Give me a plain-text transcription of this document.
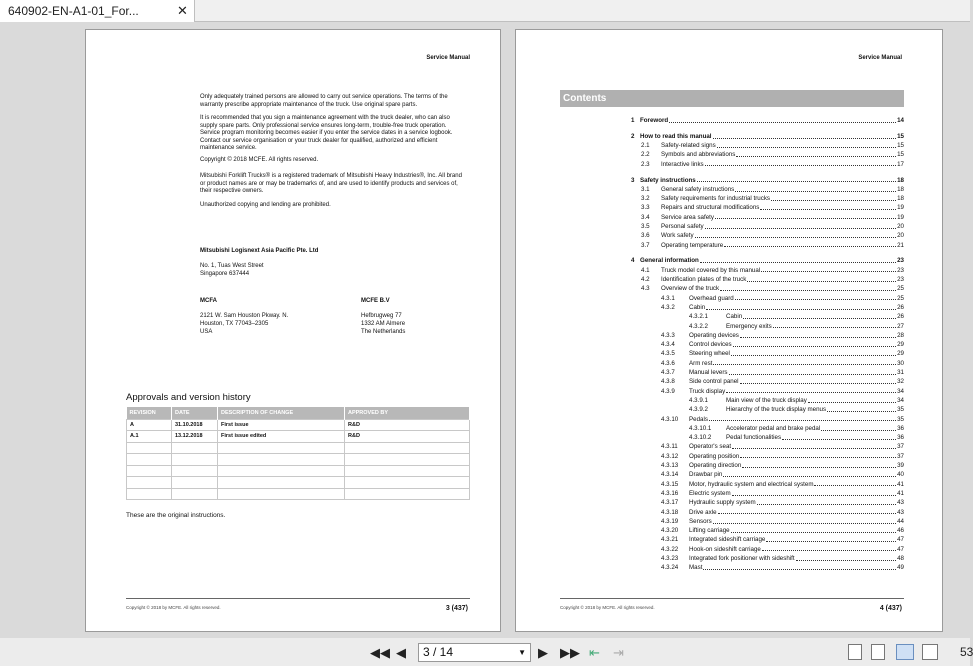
640902-EN-A1-01_For...	✕
Service Manual
Only adequately trained persons are allowed to carry out service operations. The terms of the warranty prescribe appropriate maintenance of the truck. Use original spare parts.
It is recommended that you sign a maintenance agreement with the truck dealer, who can also supply spare parts. Only professional service ensures long-term, trouble-free truck operation. Service program monitoring becomes easier if you enter the service dates in a service logbook. Contact our service organisation or your truck dealer for qualified, authorized and efficient maintenance service.
Copyright © 2018 MCFE. All rights reserved.
Mitsubishi Forklift Trucks® is a registered trademark of Mitsubishi Heavy Industries®, Inc. All brand or product names are or may be trademarks of, and are used to identify products and services of, their respective owners.
Unauthorized copying and lending are prohibited.
Mitsubishi Logisnext Asia Pacific Pte. Ltd
No. 1, Tuas West Street
Singapore 637444
MCFA
2121 W. Sam Houston Pkway. N.
Houston, TX 77043–2305
USA
MCFE B.V
Hefbrugweg 77
1332 AM Almere
The Netherlands
Approvals and version history
REVISION	DATE	DESCRIPTION OF CHANGE	APPROVED BY
A	31.10.2018	First issue	R&D
A.1	13.12.2018	First issue edited	R&D

These are the original instructions.
Copyright © 2018 by MCFE. All rights reserved.	3 (437)
Service Manual
Contents
1 Foreword	14
2 How to read this manual	15
2.1	Safety-related signs	15
2.2	Symbols and abbreviations	15
2.3	Interactive links	17
3 Safety instructions	18
3.1	General safety instructions	18
3.2	Safety requirements for industrial trucks	18
3.3	Repairs and structural modifications	19
3.4	Service area safety	19
3.5	Personal safety	20
3.6	Work safety	20
3.7	Operating temperature	21
4 General information	23
4.1	Truck model covered by this manual	23
4.2	Identification plates of the truck	23
4.3	Overview of the truck	25
4.3.1	Overhead guard	25
4.3.2	Cabin	26
4.3.2.1	Cabin	26
4.3.2.2	Emergency exits	27
4.3.3	Operating devices	28
4.3.4	Control devices	29
4.3.5	Steering wheel	29
4.3.6	Arm rest	30
4.3.7	Manual levers	31
4.3.8	Side control panel	32
4.3.9	Truck display	34
4.3.9.1	Main view of the truck display	34
4.3.9.2	Hierarchy of the truck display menus	35
4.3.10	Pedals	35
4.3.10.1	Accelerator pedal and brake pedal	36
4.3.10.2	Pedal functionalities	36
4.3.11	Operator's seat	37
4.3.12	Operating position	37
4.3.13	Operating direction	39
4.3.14	Drawbar pin	40
4.3.15	Motor, hydraulic system and electrical system	41
4.3.16	Electric system	41
4.3.17	Hydraulic supply system	43
4.3.18	Drive axle	43
4.3.19	Sensors	44
4.3.20	Lifting carriage	46
4.3.21	Integrated sideshift carriage	47
4.3.22	Hook-on sideshift carriage	47
4.3.23	Integrated fork positioner with sideshift	48
4.3.24	Mast	49
Copyright © 2018 by MCFE. All rights reserved.	4 (437)
◀◀ ◀	▶ ▶▶ ⇤ ⇥	53
3 / 14	▼
